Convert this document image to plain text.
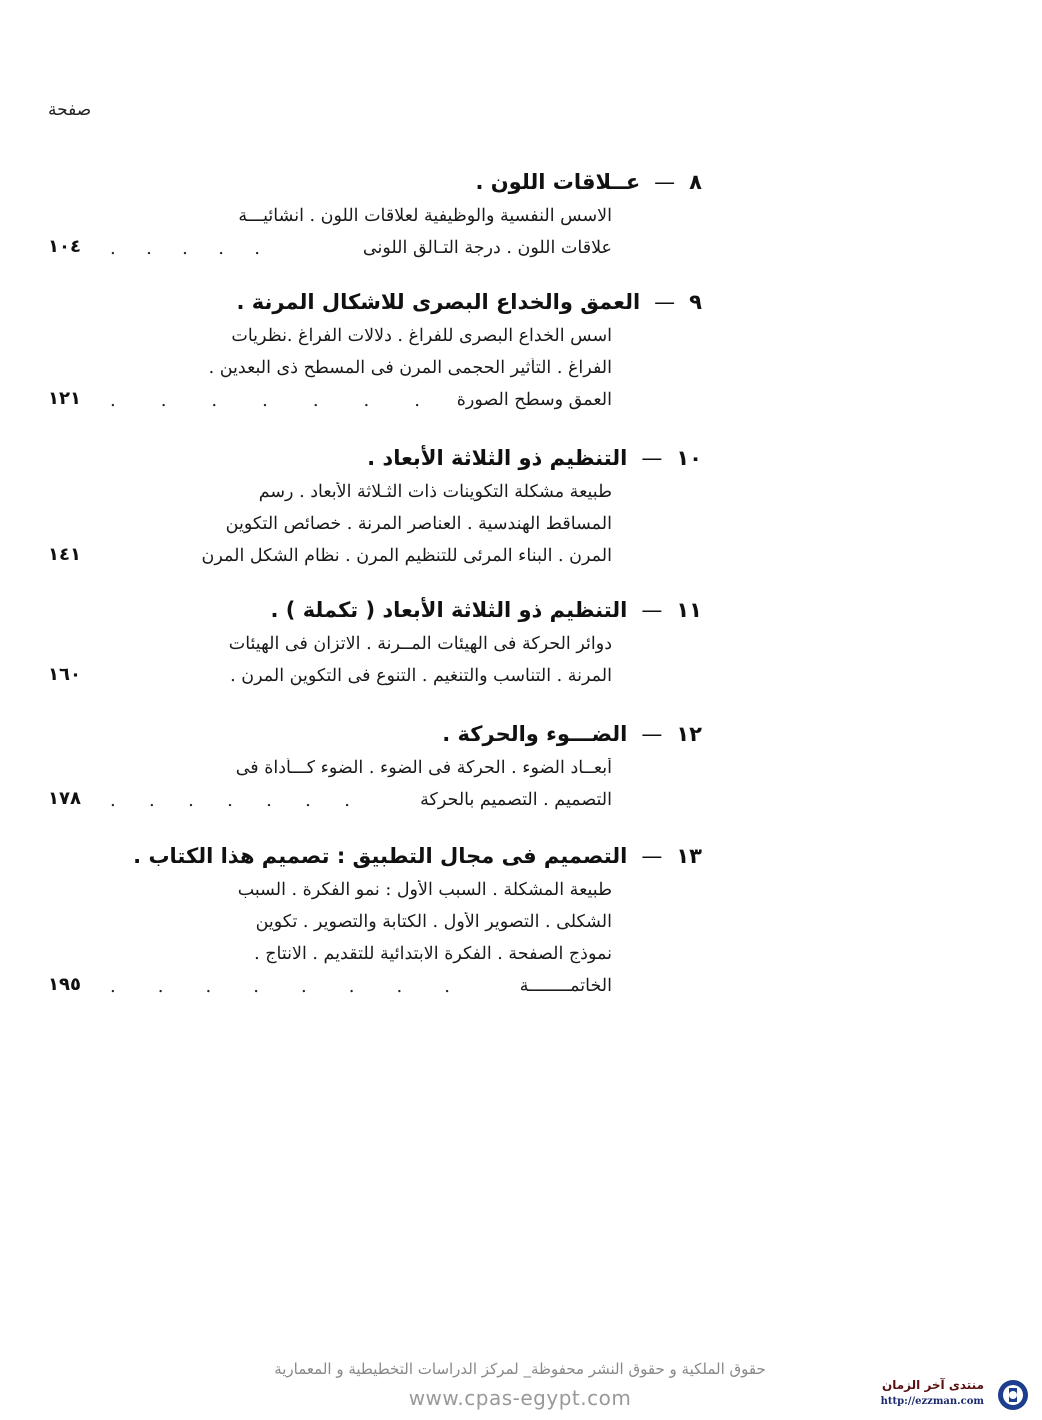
صفحة
٨—عــلاقات اللون .
الاسس النفسية والوظيفية لعلاقات اللون . انشائيـــة
علاقات اللون . درجة التـالق اللونى
. . . . .
١٠٤
٩—العمق والخداع البصرى للاشكال المرنة .
اسس الخداع البصرى للفراغ . دلالات الفراغ .نظريات
الفراغ . التأثير الحجمى المرن فى المسطح ذى البعدين .
العمق وسطح الصورة
. . . . . . .
١٢١
١٠—التنظيم ذو الثلاثة الأبعاد .
طبيعة مشكلة التكوينات ذات الثـلاثة الأبعاد . رسم
المساقط الهندسية . العناصر المرنة . خصائص التكوين
المرن . البناء المرئى للتنظيم المرن . نظام الشكل المرن
١٤١
١١—التنظيم ذو الثلاثة الأبعاد ( تكملة ) .
دوائر الحركة فى الهيئات المــرنة . الاتزان فى الهيئات
المرنة . التناسب والتنغيم . التنوع فى التكوين المرن .
١٦٠
١٢—الضـــوء والحركة .
أبعــاد الضوء . الحركة فى الضوء . الضوء كـــأداة فى
التصميم . التصميم بالحركة
. . . . . . .
١٧٨
١٣—التصميم فى مجال التطبيق : تصميم هذا الكتاب .
طبيعة المشكلة . السبب الأول : نمو الفكرة . السبب
الشكلى . التصوير الأول . الكتابة والتصوير . تكوين
نموذج الصفحة . الفكرة الابتدائية للتقديم . الانتاج .
الخاتمــــــــة
. . . . . . . .
١٩٥
حقوق الملكية و حقوق النشر محفوظة_ لمركز الدراسات التخطيطية و المعمارية
www.cpas-egypt.com
منتدى آخر الزمان
http://ezzman.com
